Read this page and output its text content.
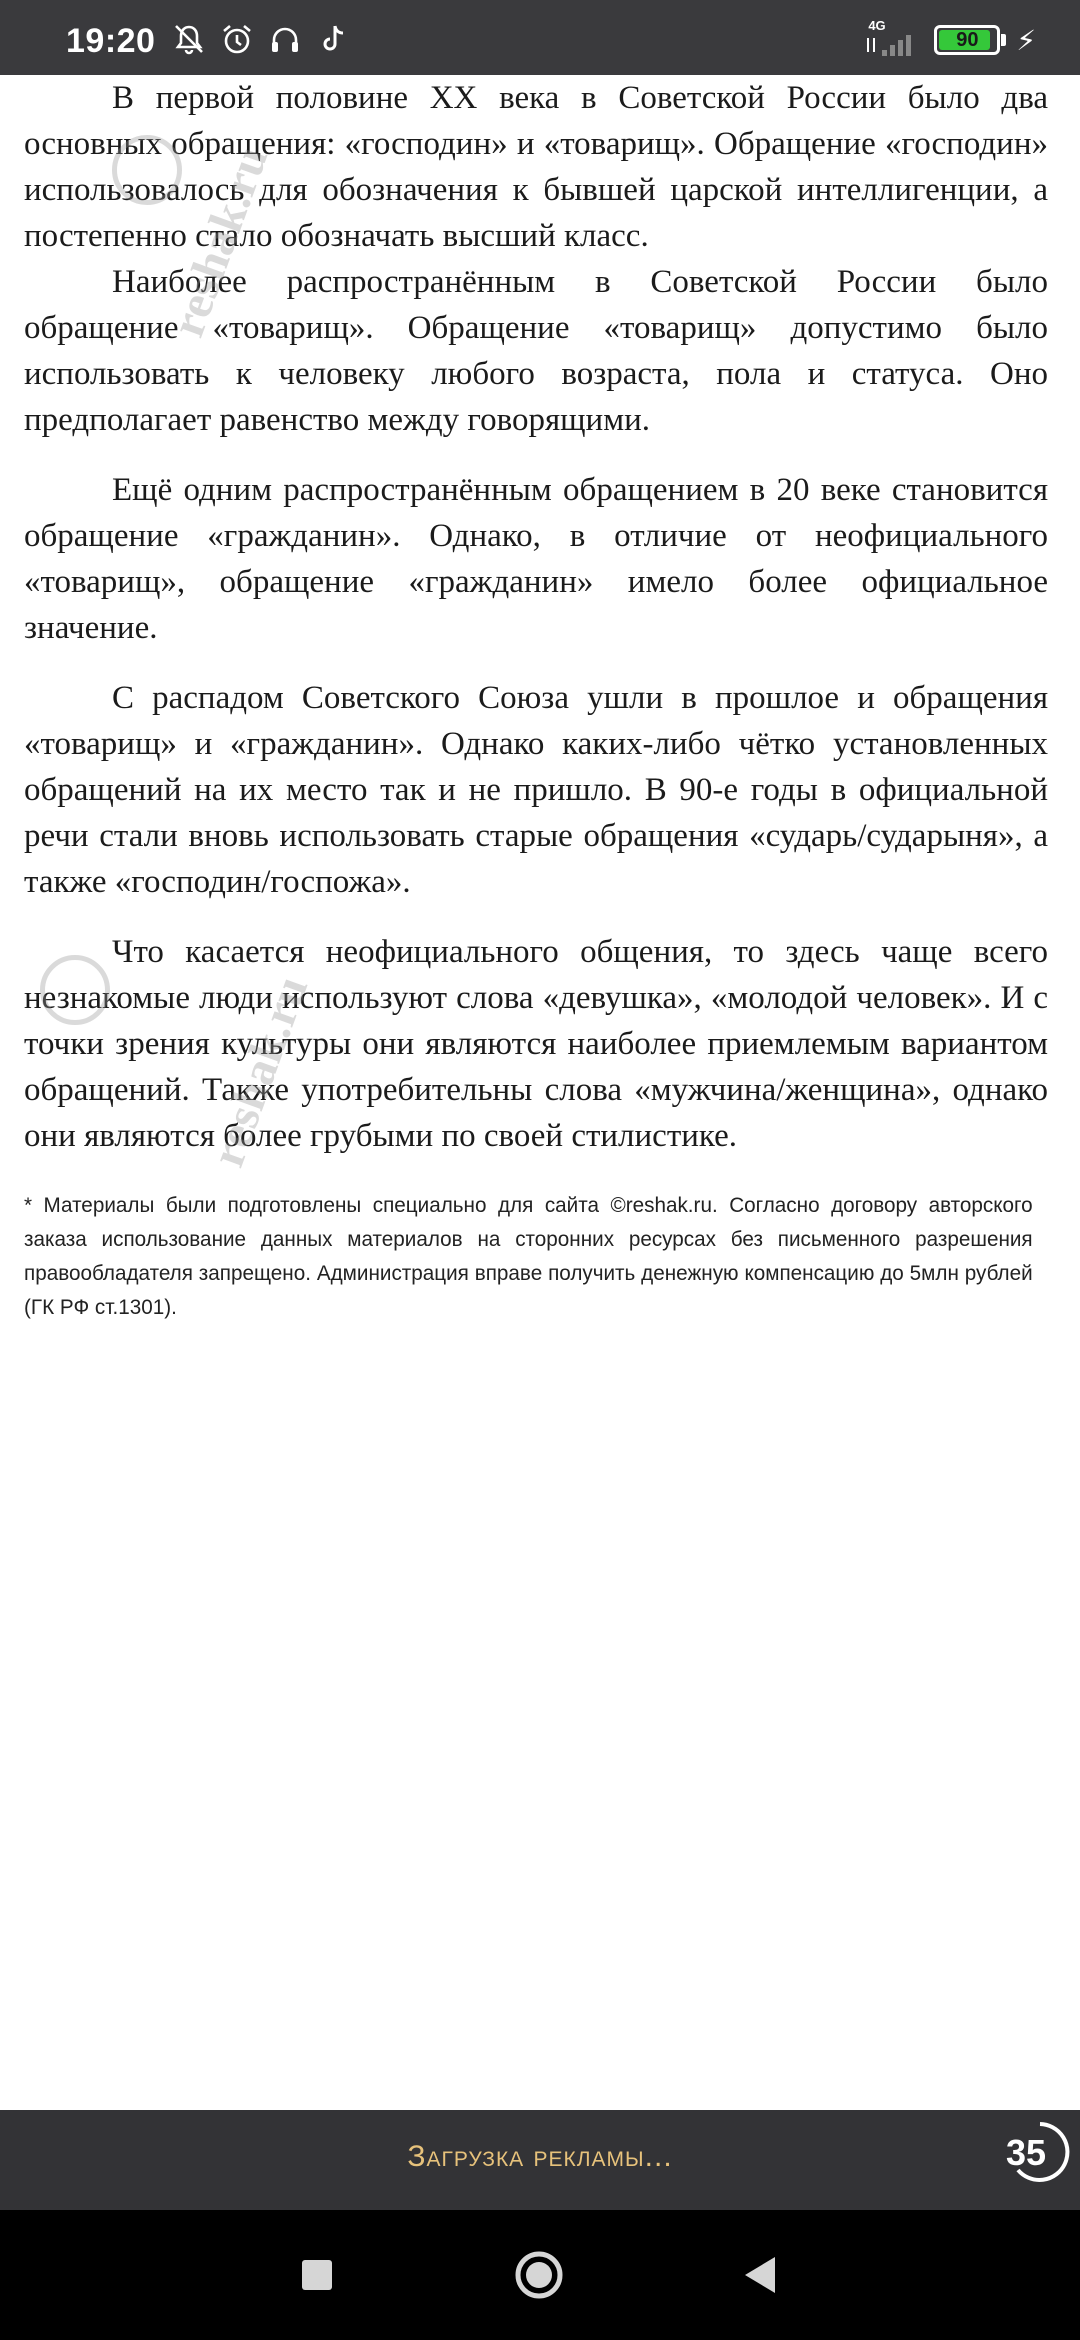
19:20	4G
90	⚡

В первой половине XX века в Советской России было два основных обращения: «господин» и «товарищ». Обращение «господин» использовалось для обозначения к бывшей царской интеллигенции, а постепенно стало обозначать высший класс.

Наиболее распространённым в Советской России было обращение «товарищ». Обращение «товарищ» допустимо было использовать к человеку любого возраста, пола и статуса. Оно предполагает равенство между говорящими.

Ещё одним распространённым обращением в 20 веке становится обращение «гражданин». Однако, в отличие от неофициального «товарищ», обращение «гражданин» имело более официальное значение.

С распадом Советского Союза ушли в прошлое и обращения «товарищ» и «гражданин». Однако каких-либо чётко установленных обращений на их место так и не пришло. В 90-е годы в официальной речи стали вновь использовать старые обращения «сударь/сударыня», а также «господин/госпожа».

Что касается неофициального общения, то здесь чаще всего незнакомые люди используют слова «девушка», «молодой человек». И с точки зрения культуры они являются наиболее приемлемым вариантом обращений. Также употребительны слова «мужчина/женщина», однако они являются более грубыми по своей стилистике.

* Материалы были подготовлены специально для сайта ©reshak.ru. Согласно договору авторского заказа использование данных материалов на сторонних ресурсах без письменного разрешения правообладателя запрещено. Администрация вправе получить денежную компенсацию до 5млн рублей (ГК РФ ст.1301).
reshak.ru
reshak.ru
Загрузка рекламы...	35
